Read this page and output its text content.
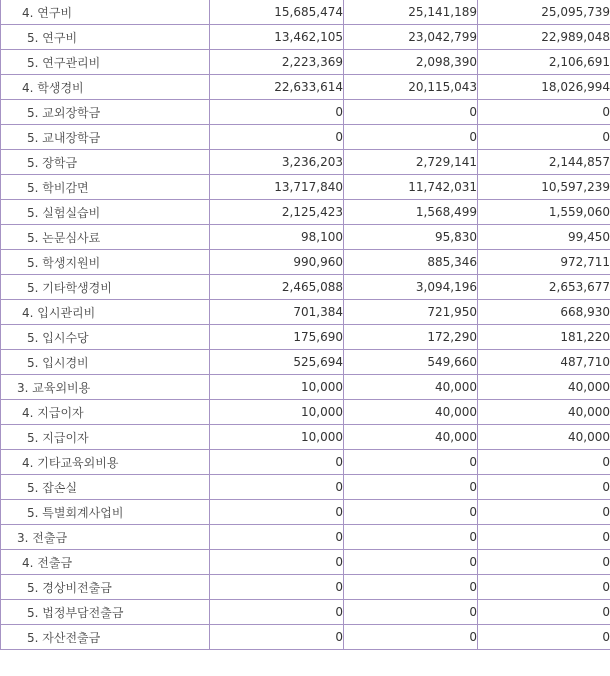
4. 연구비	15,685,474	25,141,189	25,095,739
5. 연구비	13,462,105	23,042,799	22,989,048
5. 연구관리비	2,223,369	2,098,390	2,106,691
4. 학생경비	22,633,614	20,115,043	18,026,994
5. 교외장학금	0	0	0
5. 교내장학금	0	0	0
5. 장학금	3,236,203	2,729,141	2,144,857
5. 학비감면	13,717,840	11,742,031	10,597,239
5. 실험실습비	2,125,423	1,568,499	1,559,060
5. 논문심사료	98,100	95,830	99,450
5. 학생지원비	990,960	885,346	972,711
5. 기타학생경비	2,465,088	3,094,196	2,653,677
4. 입시관리비	701,384	721,950	668,930
5. 입시수당	175,690	172,290	181,220
5. 입시경비	525,694	549,660	487,710
3. 교육외비용	10,000	40,000	40,000
4. 지급이자	10,000	40,000	40,000
5. 지급이자	10,000	40,000	40,000
4. 기타교육외비용	0	0	0
5. 잡손실	0	0	0
5. 특별회계사업비	0	0	0
3. 전출금	0	0	0
4. 전출금	0	0	0
5. 경상비전출금	0	0	0
5. 법정부담전출금	0	0	0
5. 자산전출금	0	0	0
